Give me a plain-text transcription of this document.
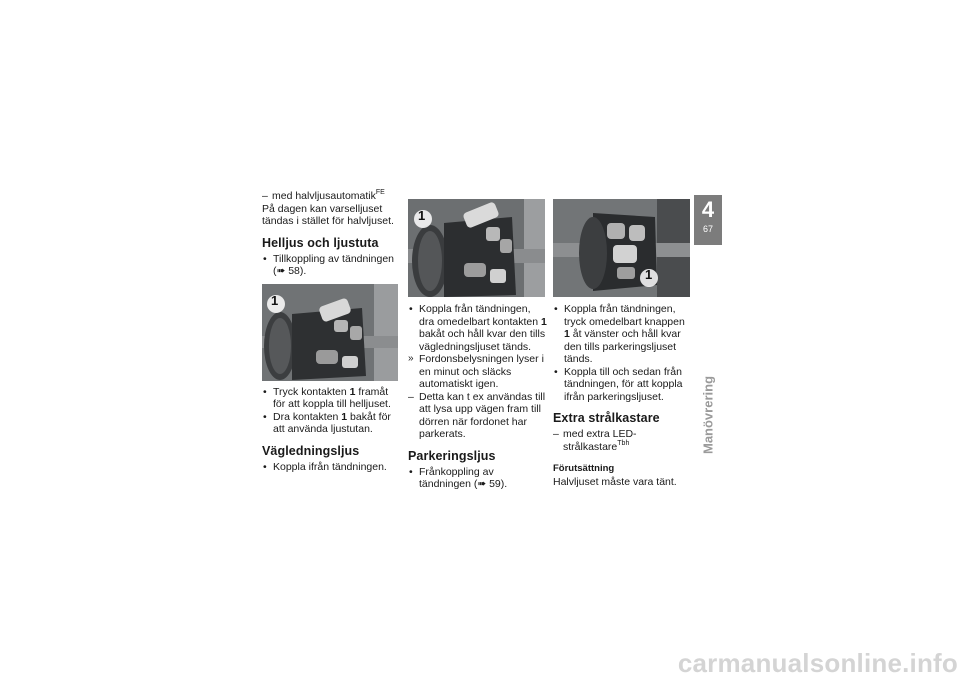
– med halvljusautomatik$^{FE}$

På dagen kan varselljuset tändas i stället för halvljuset.

Helljus och ljustuta

• Tillkoppling av tändningen (➠ 58).

1

• Tryck kontakten 1 framåt för att koppla till helljuset.

• Dra kontakten 1 bakåt för att använda ljustutan.

Vägledningsljus

• Koppla ifrån tändningen.

1

• Koppla från tändningen, dra omedelbart kontakten 1 bakåt och håll kvar den tills vägledningsljuset tänds.

» Fordonsbelysningen lyser i en minut och släcks automatiskt igen.

– Detta kan t ex användas till att lysa upp vägen fram till dörren när fordonet har parkerats.

Parkeringsljus

• Frånkoppling av tändningen (➠ 59).

1

• Koppla från tändningen, tryck omedelbart knappen 1 åt vänster och håll kvar den tills parkeringsljuset tänds.

• Koppla till och sedan från tändningen, för att koppla ifrån parkeringsljuset.

Extra strålkastare

– med extra LED-strålkastare$^{Tbh}$

Förutsättning

Halvljuset måste vara tänt.

4
67
Manövrering
carmanualsonline.info
